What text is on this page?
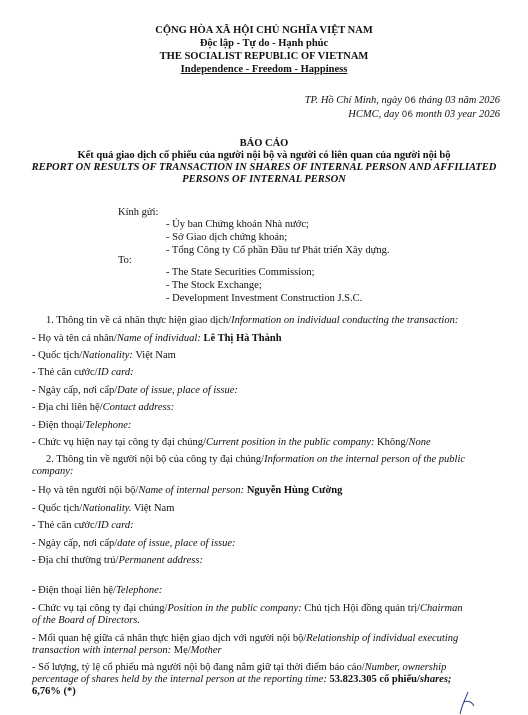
CỘNG HÒA XÃ HỘI CHỦ NGHĨA VIỆT NAM
Độc lập - Tự do - Hạnh phúc
THE SOCIALIST REPUBLIC OF VIETNAM
Independence - Freedom - Happiness
TP. Hồ Chí Minh, ngày 06 tháng 03 năm 2026
HCMC, day 06 month 03 year 2026
BÁO CÁO
Kết quả giao dịch cổ phiếu của người nội bộ và người có liên quan của người nội bộ
REPORT ON RESULTS OF TRANSACTION IN SHARES OF INTERNAL PERSON AND AFFILIATED PERSONS OF INTERNAL PERSON
Kính gửi:
- Ủy ban Chứng khoán Nhà nước;
- Sở Giao dịch chứng khoán;
- Tổng Công ty Cổ phần Đầu tư Phát triển Xây dựng.
To:
- The State Securities Commission;
- The Stock Exchange;
- Development Investment Construction J.S.C.
1. Thông tin về cá nhân thực hiện giao dịch/Information on individual conducting the transaction:
- Họ và tên cá nhân/Name of individual: Lê Thị Hà Thành
- Quốc tịch/Nationality: Việt Nam
- Thẻ căn cước/ID card:
- Ngày cấp, nơi cấp/Date of issue, place of issue:
- Địa chỉ liên hệ/Contact address:
- Điện thoại/Telephone:
- Chức vụ hiện nay tại công ty đại chúng/Current position in the public company: Không/None
2. Thông tin về người nội bộ của công ty đại chúng/Information on the internal person of the public
company:
- Họ và tên người nội bộ/Name of internal person: Nguyễn Hùng Cường
- Quốc tịch/Nationality. Việt Nam
- Thẻ căn cước/ID card:
- Ngày cấp, nơi cấp/date of issue, place of issue:
- Địa chỉ thường trú/Permanent address:
- Điện thoại liên hệ/Telephone:
- Chức vụ tại công ty đại chúng/Position in the public company: Chủ tịch Hội đồng quản trị/Chairman
of the Board of Directors.
- Mối quan hệ giữa cá nhân thực hiện giao dịch với người nội bộ/Relationship of individual executing
transaction with internal person: Mẹ/Mother
- Số lượng, tỷ lệ cổ phiếu mà người nội bộ đang nắm giữ tại thời điểm báo cáo/Number, ownership
percentage of shares held by the internal person at the reporting time: 53.823.305 cổ phiếu/shares;
6,76% (*)
